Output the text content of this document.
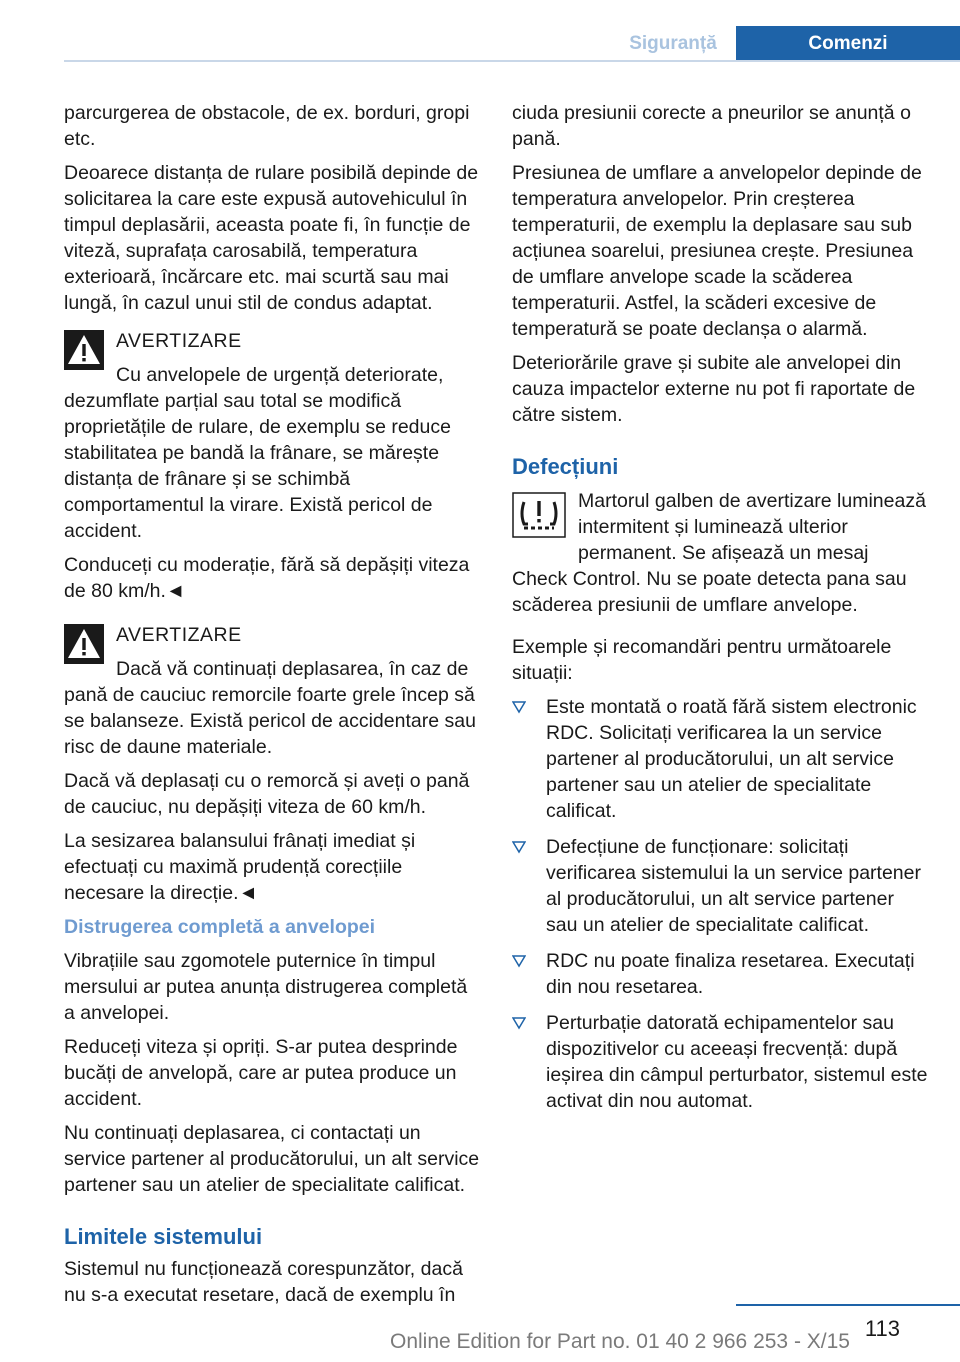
Siguranță	Comenzi

parcurgerea de obstacole, de ex. borduri, gropi etc.

Deoarece distanța de rulare posibilă depinde de solicitarea la care este expusă autovehiculul în timpul deplasării, aceasta poate fi, în funcție de viteză, suprafața carosabilă, temperatura exterioară, încărcare etc. mai scurtă sau mai lungă, în cazul unui stil de condus adaptat.

AVERTIZARE

Cu anvelopele de urgență deteriorate, dezumflate parțial sau total se modifică proprietățile de rulare, de exemplu se reduce stabilitatea pe bandă la frânare, se mărește distanța de frânare și se schimbă comportamentul la virare. Există pericol de accident.

Conduceți cu moderație, fără să depășiți viteza de 80 km/h.◄

AVERTIZARE

Dacă vă continuați deplasarea, în caz de pană de cauciuc remorcile foarte grele încep să se balanseze. Există pericol de accidentare sau risc de daune materiale.

Dacă vă deplasați cu o remorcă și aveți o pană de cauciuc, nu depășiți viteza de 60 km/h.

La sesizarea balansului frânați imediat și efectuați cu maximă prudență corecțiile necesare la direcție.◄

Distrugerea completă a anvelopei

Vibrațiile sau zgomotele puternice în timpul mersului ar putea anunța distrugerea completă a anvelopei.

Reduceți viteza și opriți. S-ar putea desprinde bucăți de anvelopă, care ar putea produce un accident.

Nu continuați deplasarea, ci contactați un service partener al producătorului, un alt service partener sau un atelier de specialitate calificat.

Limitele sistemului

Sistemul nu funcționează corespunzător, dacă nu s-a executat resetare, dacă de exemplu în

ciuda presiunii corecte a pneurilor se anunță o pană.

Presiunea de umflare a anvelopelor depinde de temperatura anvelopelor. Prin creșterea temperaturii, de exemplu la deplasare sau sub acțiunea soarelui, presiunea crește. Presiunea de umflare anvelope scade la scăderea temperaturii. Astfel, la scăderi excesive de temperatură se poate declanșa o alarmă.

Deteriorările grave și subite ale anvelopei din cauza impactelor externe nu pot fi raportate de către sistem.

Defecțiuni

Martorul galben de avertizare luminează intermitent și luminează ulterior permanent. Se afișează un mesaj Check Control. Nu se poate detecta pana sau scăderea presiunii de umflare anvelope.

Exemple și recomandări pentru următoarele situații:

Este montată o roată fără sistem electronic RDC. Solicitați verificarea la un service partener al producătorului, un alt service partener sau un atelier de specialitate calificat.
Defecțiune de funcționare: solicitați verificarea sistemului la un service partener al producătorului, un alt service partener sau un atelier de specialitate calificat.
RDC nu poate finaliza resetarea. Executați din nou resetarea.
Perturbație datorată echipamentelor sau dispozitivelor cu aceeași frecvență: după ieșirea din câmpul perturbator, sistemul este activat din nou automat.
113
Online Edition for Part no. 01 40 2 966 253 - X/15
